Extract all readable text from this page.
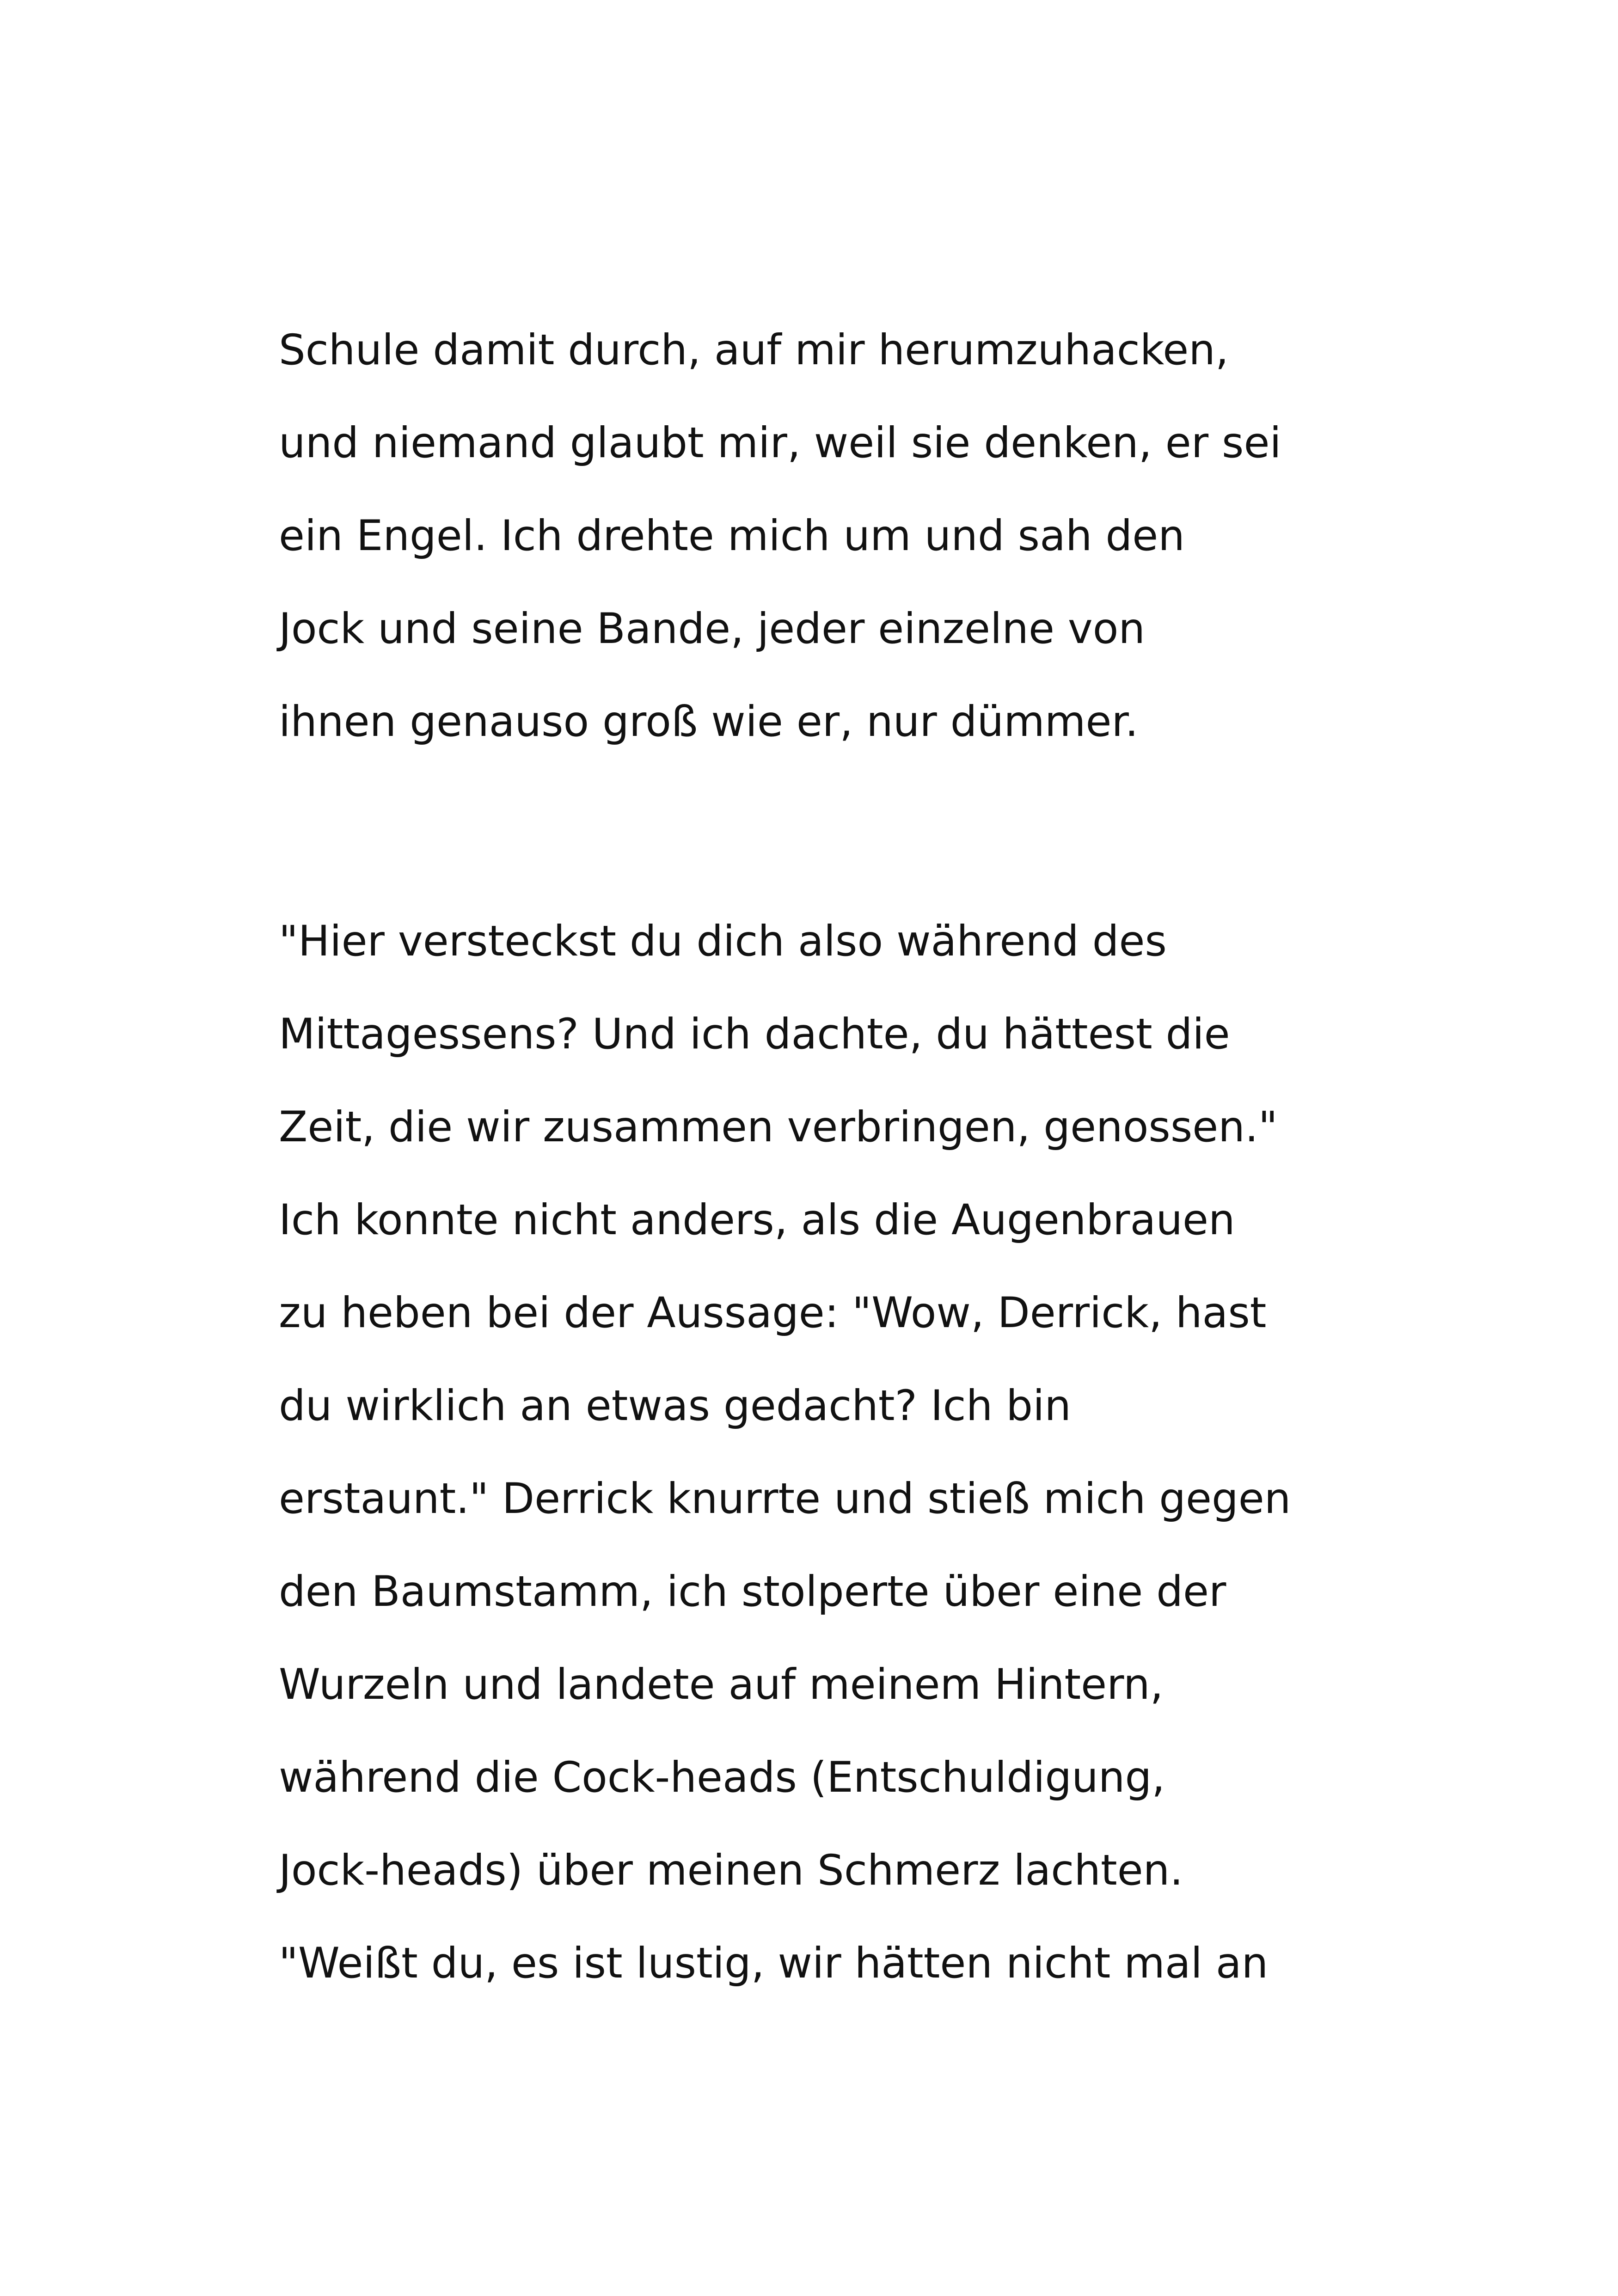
Schule damit durch, auf mir herumzuhacken,
und niemand glaubt mir, weil sie denken, er sei
ein Engel. Ich drehte mich um und sah den
Jock und seine Bande, jeder einzelne von
ihnen genauso groß wie er, nur dümmer.
"Hier versteckst du dich also während des
Mittagessens? Und ich dachte, du hättest die
Zeit, die wir zusammen verbringen, genossen."
Ich konnte nicht anders, als die Augenbrauen
zu heben bei der Aussage: "Wow, Derrick, hast
du wirklich an etwas gedacht? Ich bin
erstaunt." Derrick knurrte und stieß mich gegen
den Baumstamm, ich stolperte über eine der
Wurzeln und landete auf meinem Hintern,
während die Cock-heads (Entschuldigung,
Jock-heads) über meinen Schmerz lachten.
"Weißt du, es ist lustig, wir hätten nicht mal an
